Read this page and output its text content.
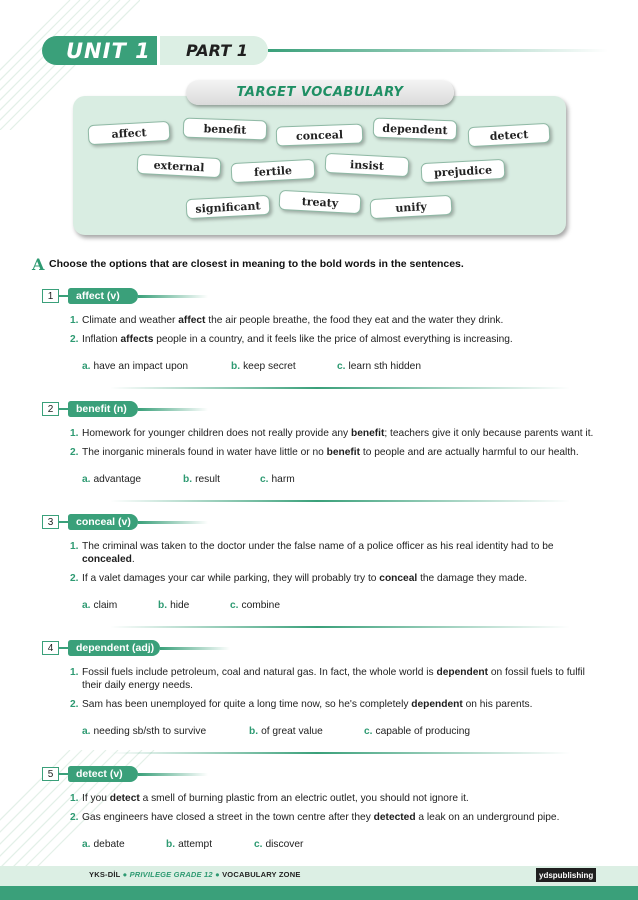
UNIT 1	PART 1
TARGET VOCABULARY
affect	benefit	conceal	dependent	detect
external	fertile	insist	prejudice
significant	treaty	unify
A Choose the options that are closest in meaning to the bold words in the sentences.
1	affect (v)
1. Climate and weather affect the air people breathe, the food they eat and the water they drink.
2. Inflation affects people in a country, and it feels like the price of almost everything is increasing.
a. have an impact upon	b. keep secret	c. learn sth hidden
2	benefit (n)
1. Homework for younger children does not really provide any benefit; teachers give it only because parents want it.
2. The inorganic minerals found in water have little or no benefit to people and are actually harmful to our health.
a. advantage	b. result	c. harm
3	conceal (v)
1. The criminal was taken to the doctor under the false name of a police officer as his real identity had to be concealed.
2. If a valet damages your car while parking, they will probably try to conceal the damage they made.
a. claim	b. hide	c. combine
4	dependent (adj)
1. Fossil fuels include petroleum, coal and natural gas. In fact, the whole world is dependent on fossil fuels to fulfil their daily energy needs.
2. Sam has been unemployed for quite a long time now, so he's completely dependent on his parents.
a. needing sb/sth to survive	b. of great value	c. capable of producing
5	detect (v)
1. If you detect a smell of burning plastic from an electric outlet, you should not ignore it.
2. Gas engineers have closed a street in the town centre after they detected a leak on an underground pipe.
a. debate	b. attempt	c. discover
YKS-DİL ● PRIVILEGE GRADE 12 ● VOCABULARY ZONE	ydspublishing
